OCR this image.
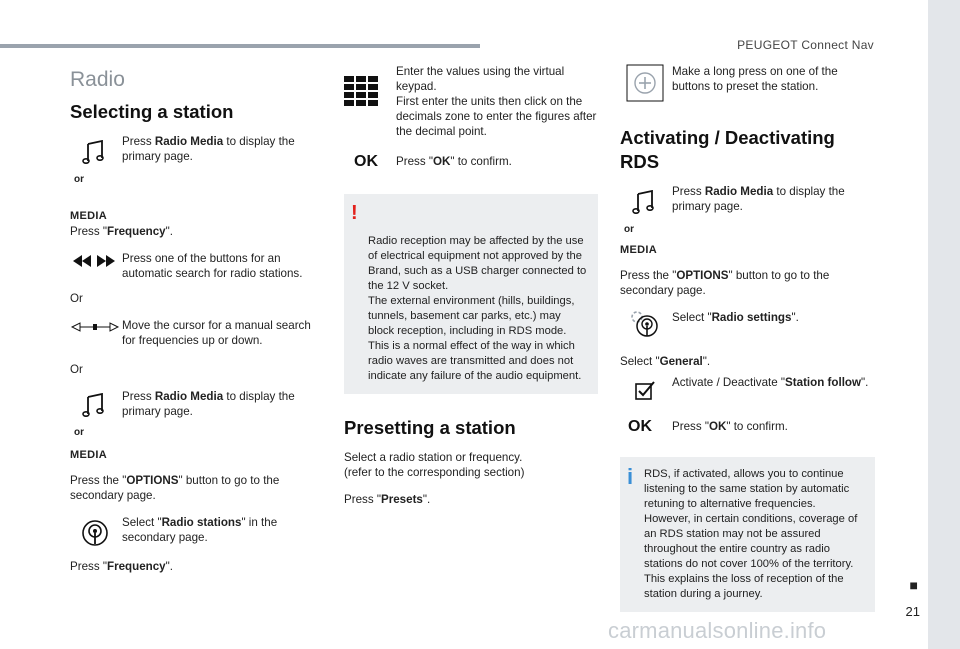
PEUGEOT Connect Nav
■
21
carmanualsonline.info
Radio
Selecting a station
or
MEDIA
Press Radio Media to display the primary page.
Press "Frequency".
Press one of the buttons for an automatic search for radio stations.
Or
Move the cursor for a manual search for frequencies up or down.
Or
or
MEDIA
Press Radio Media to display the primary page.
Press the "OPTIONS" button to go to the secondary page.
Select "Radio stations" in the secondary page.
Press "Frequency".
Enter the values using the virtual keypad.
First enter the units then click on the decimals zone to enter the figures after the decimal point.
OK	Press "OK" to confirm.

!

Radio reception may be affected by the use of electrical equipment not approved by the Brand, such as a USB charger connected to the 12 V socket.
The external environment (hills, buildings, tunnels, basement car parks, etc.) may block reception, including in RDS mode. This is a normal effect of the way in which radio waves are transmitted and does not indicate any failure of the audio equipment.

Presetting a station
Select a radio station or frequency.
(refer to the corresponding section)
Press "Presets".
Make a long press on one of the buttons to preset the station.
Activating / Deactivating RDS
or
MEDIA
Press Radio Media to display the primary page.
Press the "OPTIONS" button to go to the secondary page.
Select "Radio settings".
Select "General".
Activate / Deactivate "Station follow".
OK	Press "OK" to confirm.
i RDS, if activated, allows you to continue listening to the same station by automatic retuning to alternative frequencies. However, in certain conditions, coverage of an RDS station may not be assured throughout the entire country as radio stations do not cover 100% of the territory. This explains the loss of reception of the station during a journey.
